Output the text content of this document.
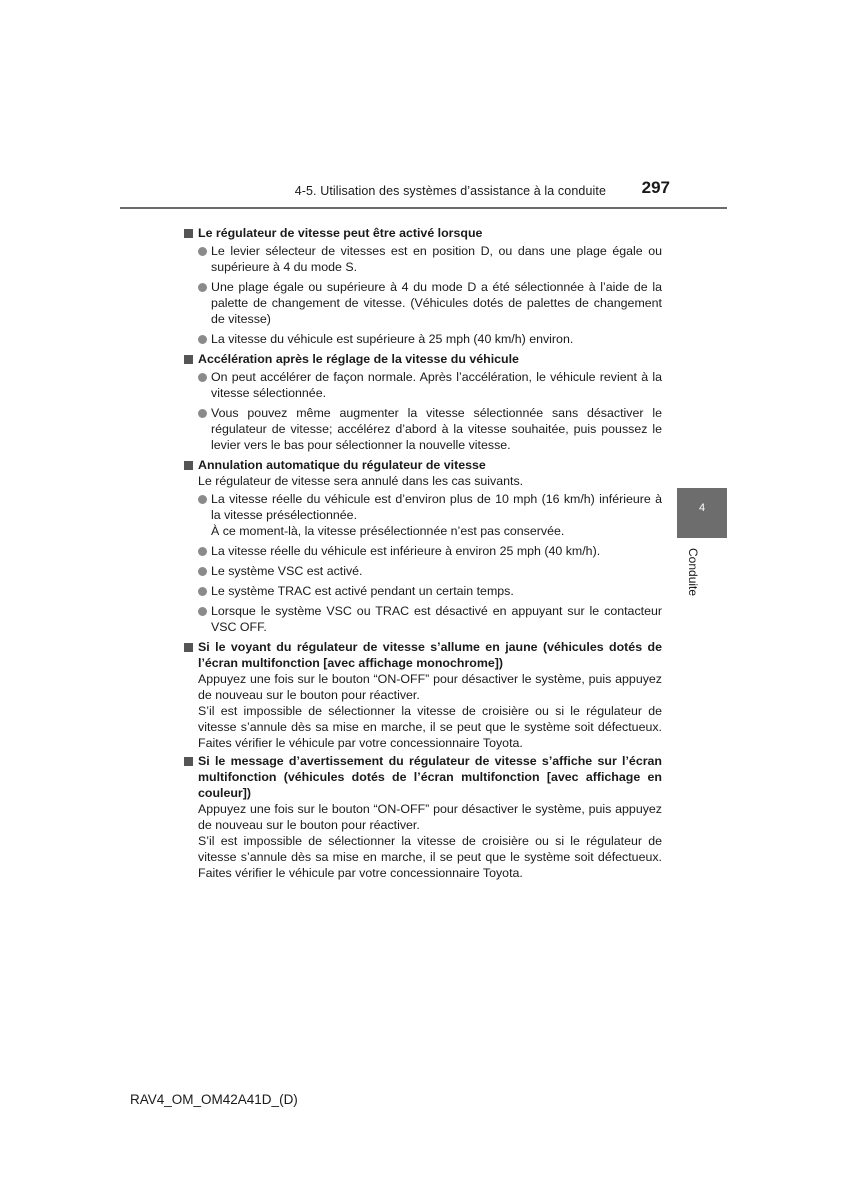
4-5. Utilisation des systèmes d’assistance à la conduite 297
4
Conduite
Le régulateur de vitesse peut être activé lorsque
Le levier sélecteur de vitesses est en position D, ou dans une plage égale ou supérieure à 4 du mode S.
Une plage égale ou supérieure à 4 du mode D a été sélectionnée à l’aide de la palette de changement de vitesse. (Véhicules dotés de palettes de changement de vitesse)
La vitesse du véhicule est supérieure à 25 mph (40 km/h) environ.
Accélération après le réglage de la vitesse du véhicule
On peut accélérer de façon normale. Après l’accélération, le véhicule revient à la vitesse sélectionnée.
Vous pouvez même augmenter la vitesse sélectionnée sans désactiver le régulateur de vitesse; accélérez d’abord à la vitesse souhaitée, puis poussez le levier vers le bas pour sélectionner la nouvelle vitesse.
Annulation automatique du régulateur de vitesse
Le régulateur de vitesse sera annulé dans les cas suivants.
La vitesse réelle du véhicule est d’environ plus de 10 mph (16 km/h) inférieure à la vitesse présélectionnée.
À ce moment-là, la vitesse présélectionnée n’est pas conservée.
La vitesse réelle du véhicule est inférieure à environ 25 mph (40 km/h).
Le système VSC est activé.
Le système TRAC est activé pendant un certain temps.
Lorsque le système VSC ou TRAC est désactivé en appuyant sur le contacteur VSC OFF.
Si le voyant du régulateur de vitesse s’allume en jaune (véhicules dotés de l’écran multifonction [avec affichage monochrome])

Appuyez une fois sur le bouton “ON-OFF” pour désactiver le système, puis appuyez de nouveau sur le bouton pour réactiver.

S’il est impossible de sélectionner la vitesse de croisière ou si le régulateur de vitesse s’annule dès sa mise en marche, il se peut que le système soit défectueux. Faites vérifier le véhicule par votre concessionnaire Toyota.

Si le message d’avertissement du régulateur de vitesse s’affiche sur l’écran multifonction (véhicules dotés de l’écran multifonction [avec affichage en couleur])

Appuyez une fois sur le bouton “ON-OFF” pour désactiver le système, puis appuyez de nouveau sur le bouton pour réactiver.

S’il est impossible de sélectionner la vitesse de croisière ou si le régulateur de vitesse s’annule dès sa mise en marche, il se peut que le système soit défectueux. Faites vérifier le véhicule par votre concessionnaire Toyota.

RAV4_OM_OM42A41D_(D)
